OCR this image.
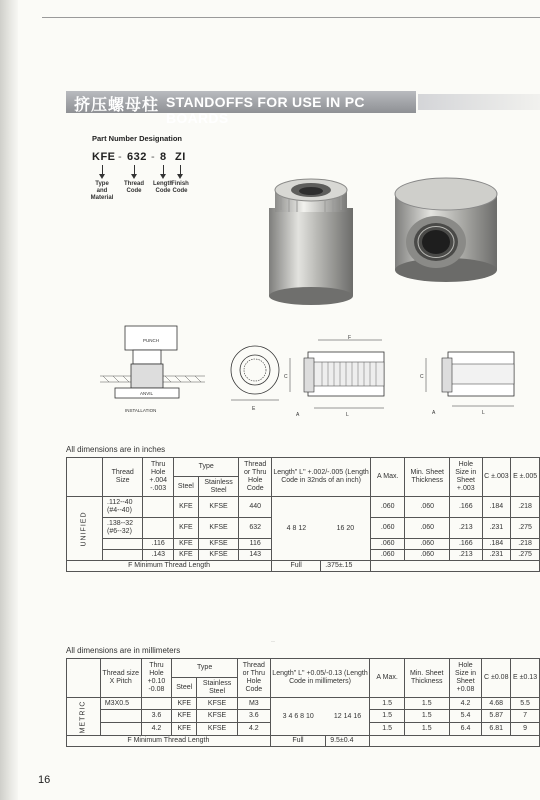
挤压螺母柱 STANDOFFS FOR USE IN PC BOARDS
Part Number Designation
KFE - 632 - 8 ZI
Type
and
Material
Thread
Code
Length
Code
Finish
Code
PUNCH
ANVIL
INSTALLATION	E
F
C
L
A
C
L
A
All dimensions are in inches
	Thread Size	Thru Hole +.004 -.003	Type		Thread or Thru Hole Code	Length" L" +.002/-.005 (Length Code in 32nds of an inch)		A Max.	Min. Sheet Thickness	Hole Size in Sheet +.003	C ±.003	E ±.005
			Steel	Stainless Steel								
UNIFIED	.112--40 (#4--40)		KFE	KFSE	440	4 8 12	16 20	.060	.060	.166	.184	.218
	.138--32 (#6--32)		KFE	KFSE	632			.060	.060	.213	.231	.275
		.116	KFE	KFSE	116			.060	.060	.166	.184	.218
		.143	KFE	KFSE	143			.060	.060	.213	.231	.275
F Minimum Thread Length						Full	.375±.15					
··
All dimensions are in millimeters
	Thread size X Pitch	Thru Hole +0.10 -0.08	Type		Thread or Thru Hole Code	Length" L" +0.05/-0.13 (Length Code in millimeters)		A Max.	Min. Sheet Thickness	Hole Size in Sheet +0.08	C ±0.08	E ±0.13
			Steel	Stainless Steel								
METRIC	M3X0.5		KFE	KFSE	M3	3 4 6 8 10	12 14 16	1.5	1.5	4.2	4.68	5.5
		3.6	KFE	KFSE	3.6			1.5	1.5	5.4	5.87	7
		4.2	KFE	KFSE	4.2			1.5	1.5	6.4	6.81	9
F Minimum Thread Length						Full	9.5±0.4					
16
